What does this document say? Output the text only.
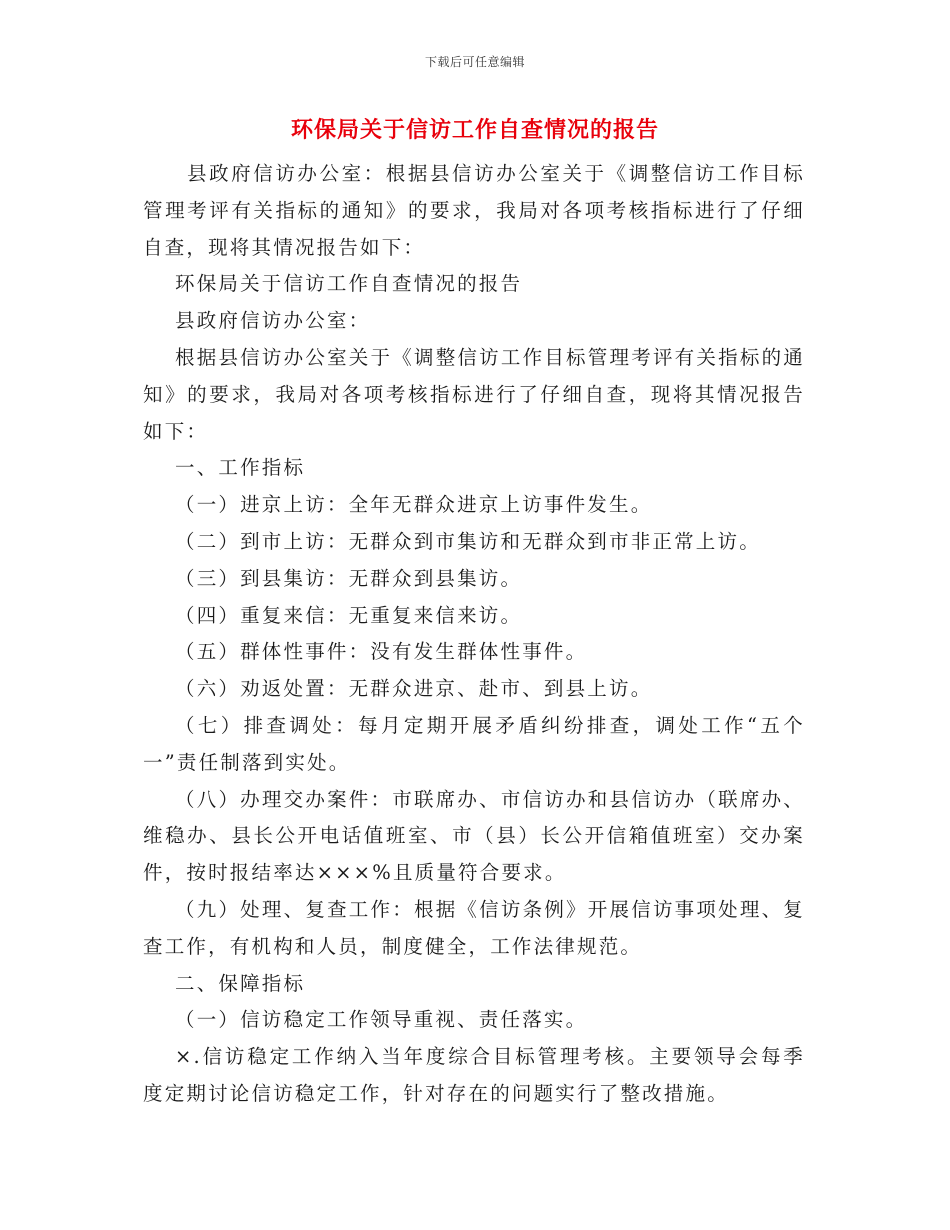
下载后可任意编辑
环保局关于信访工作自查情况的报告

县政府信访办公室：根据县信访办公室关于《调整信访工作目标管理考评有关指标的通知》的要求，我局对各项考核指标进行了仔细自查，现将其情况报告如下：

环保局关于信访工作自查情况的报告

县政府信访办公室：

根据县信访办公室关于《调整信访工作目标管理考评有关指标的通知》的要求，我局对各项考核指标进行了仔细自查，现将其情况报告如下：

一、工作指标

（一）进京上访：全年无群众进京上访事件发生。

（二）到市上访：无群众到市集访和无群众到市非正常上访。

（三）到县集访：无群众到县集访。

（四）重复来信：无重复来信来访。

（五）群体性事件：没有发生群体性事件。

（六）劝返处置：无群众进京、赴市、到县上访。

（七）排查调处：每月定期开展矛盾纠纷排查，调处工作“五个一”责任制落到实处。

（八）办理交办案件：市联席办、市信访办和县信访办（联席办、维稳办、县长公开电话值班室、市（县）长公开信箱值班室）交办案件，按时报结率达×××%且质量符合要求。

（九）处理、复查工作：根据《信访条例》开展信访事项处理、复查工作，有机构和人员，制度健全，工作法律规范。

二、保障指标

（一）信访稳定工作领导重视、责任落实。

×.信访稳定工作纳入当年度综合目标管理考核。主要领导会每季度定期讨论信访稳定工作，针对存在的问题实行了整改措施。
